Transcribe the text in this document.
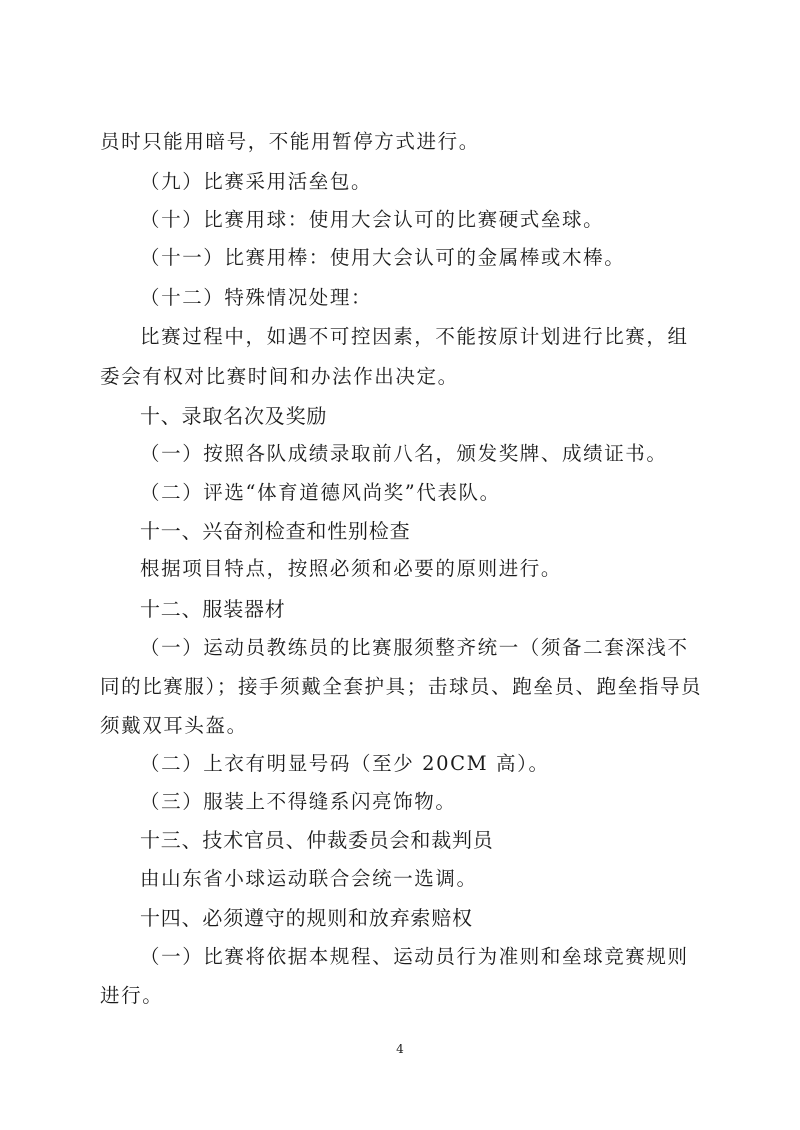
员时只能用暗号，不能用暂停方式进行。
（九）比赛采用活垒包。
（十）比赛用球：使用大会认可的比赛硬式垒球。
（十一）比赛用棒：使用大会认可的金属棒或木棒。
（十二）特殊情况处理：
比赛过程中，如遇不可控因素，不能按原计划进行比赛，组
委会有权对比赛时间和办法作出决定。
十、录取名次及奖励
（一）按照各队成绩录取前八名，颁发奖牌、成绩证书。
（二）评选“体育道德风尚奖”代表队。
十一、兴奋剂检查和性别检查
根据项目特点，按照必须和必要的原则进行。
十二、服装器材
（一）运动员教练员的比赛服须整齐统一（须备二套深浅不
同的比赛服）；接手须戴全套护具；击球员、跑垒员、跑垒指导员
须戴双耳头盔。
（二）上衣有明显号码（至少 20CM 高）。
（三）服装上不得缝系闪亮饰物。
十三、技术官员、仲裁委员会和裁判员
由山东省小球运动联合会统一选调。
十四、必须遵守的规则和放弃索赔权
（一）比赛将依据本规程、运动员行为准则和垒球竞赛规则
进行。
4
